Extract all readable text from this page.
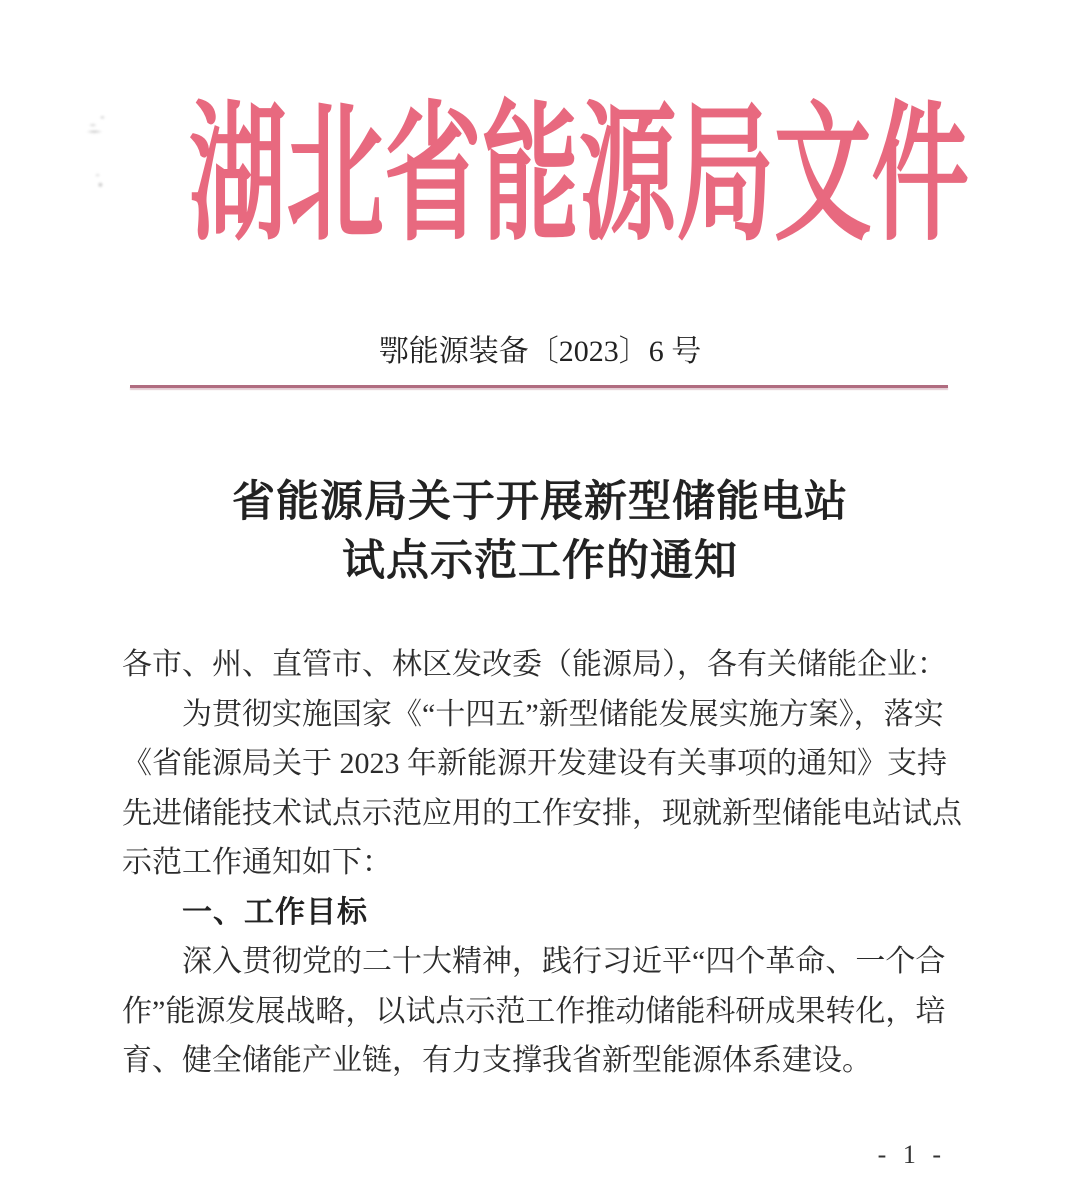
湖北省能源局文件
鄂能源装备〔2023〕6 号
省能源局关于开展新型储能电站
试点示范工作的通知
各市、州、直管市、林区发改委（能源局），各有关储能企业：
为贯彻实施国家《“十四五”新型储能发展实施方案》，落实
《省能源局关于 2023 年新能源开发建设有关事项的通知》支持
先进储能技术试点示范应用的工作安排，现就新型储能电站试点
示范工作通知如下：
一、工作目标
深入贯彻党的二十大精神，践行习近平“四个革命、一个合
作”能源发展战略，以试点示范工作推动储能科研成果转化，培
育、健全储能产业链，有力支撑我省新型能源体系建设。
- 1 -
